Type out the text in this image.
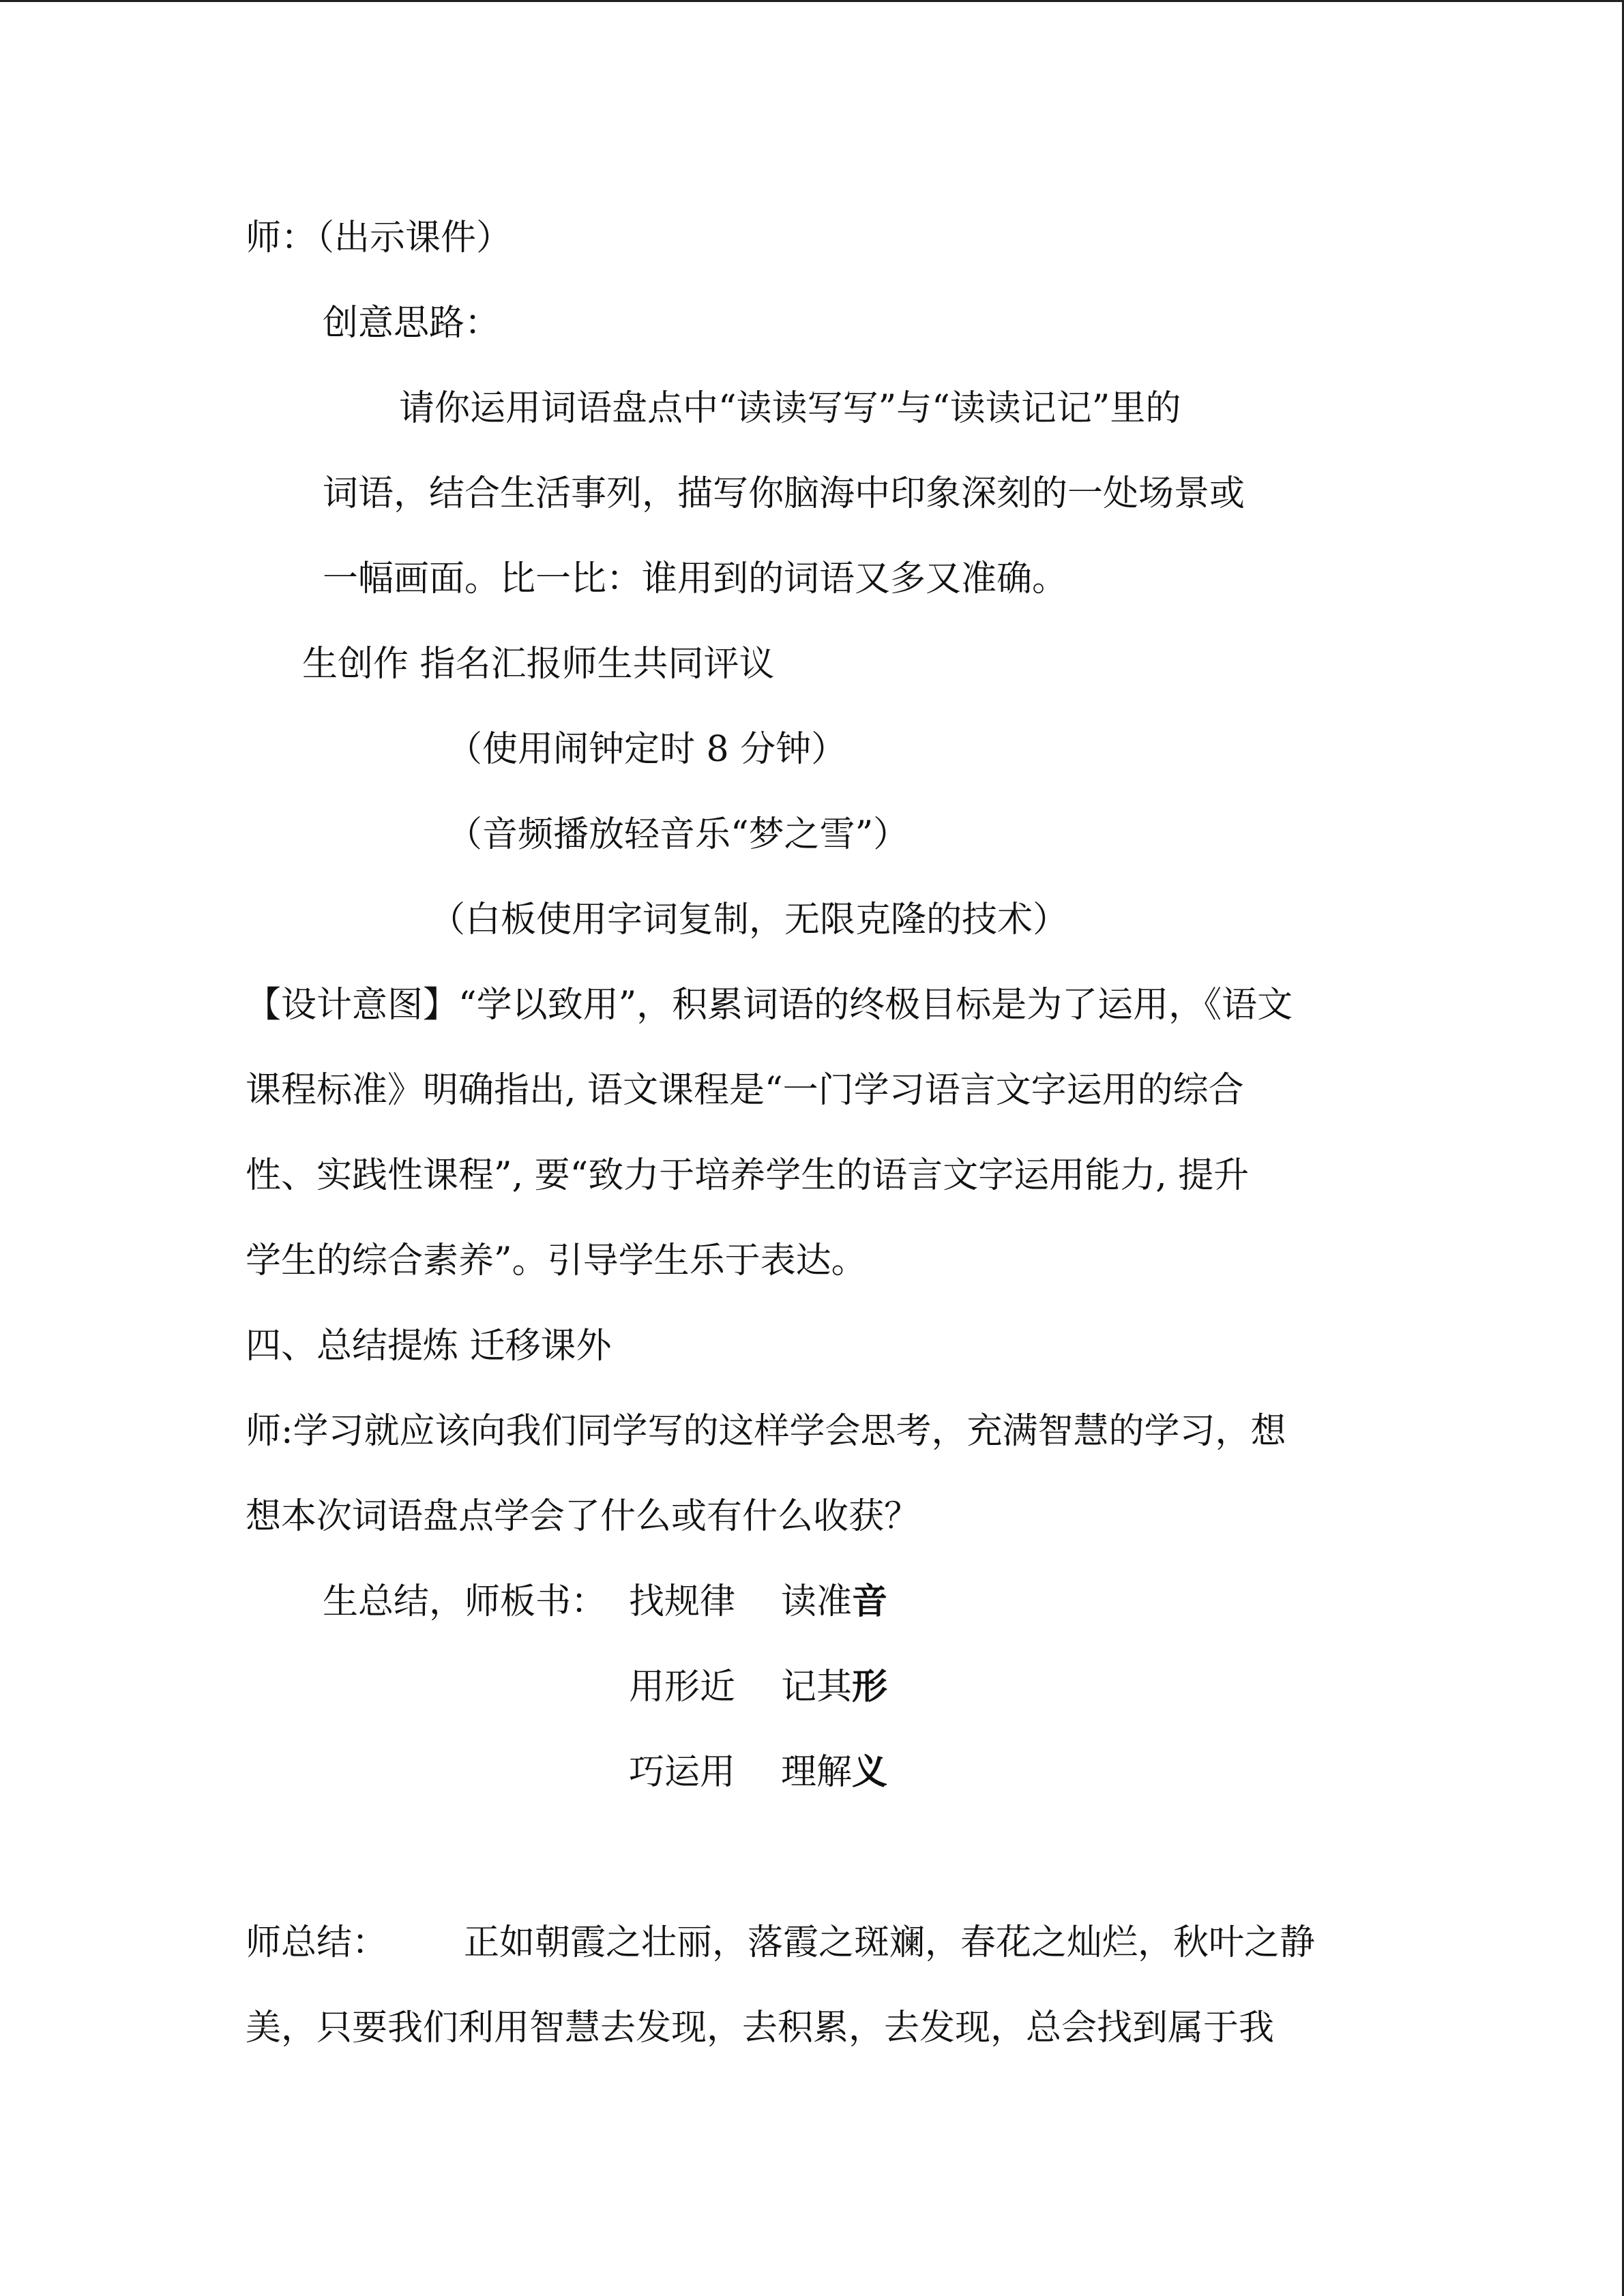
师：（出示课件）

创意思路：

请你运用词语盘点中“读读写写”与“读读记记”里的

词语，结合生活事列，描写你脑海中印象深刻的一处场景或

一幅画面。比一比：谁用到的词语又多又准确。

生创作 指名汇报师生共同评议

（使用闹钟定时 8 分钟）

（音频播放轻音乐“梦之雪”）

（白板使用字词复制，无限克隆的技术）

【设计意图】“学以致用”，积累词语的终极目标是为了运用，《语文

课程标准》明确指出, 语文课程是“一门学习语言文字运用的综合

性、实践性课程”, 要“致力于培养学生的语言文字运用能力, 提升

学生的综合素养”。引导学生乐于表达。

四、总结提炼 迁移课外

师:学习就应该向我们同学写的这样学会思考，充满智慧的学习，想

想本次词语盘点学会了什么或有什么收获？

生总结，师板书： 找规律 读准音

用形近 记其形

巧运用 理解义

师总结： 正如朝霞之壮丽，落霞之斑斓，春花之灿烂，秋叶之静

美，只要我们利用智慧去发现，去积累，去发现，总会找到属于我
